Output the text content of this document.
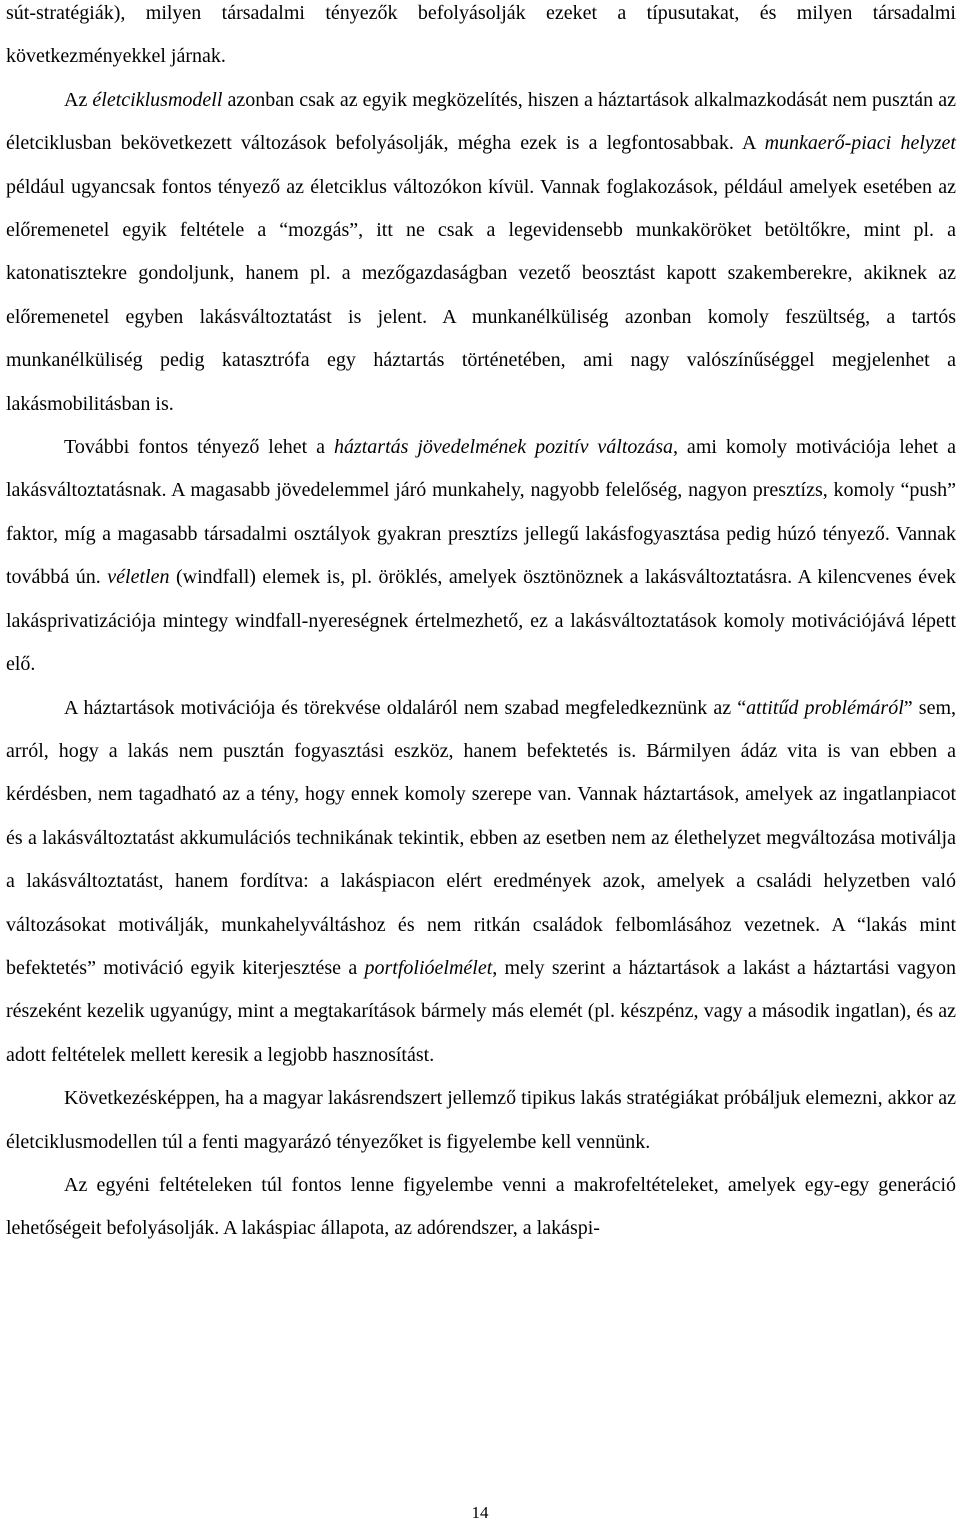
sút-stratégiák), milyen társadalmi tényezők befolyásolják ezeket a típusutakat, és milyen társadalmi következményekkel járnak.

Az életciklusmodell azonban csak az egyik megközelítés, hiszen a háztartások alkalmazkodását nem pusztán az életciklusban bekövetkezett változások befolyásolják, mégha ezek is a legfontosabbak. A munkaerő-piaci helyzet például ugyancsak fontos tényező az életciklus változókon kívül. Vannak foglakozások, például amelyek esetében az előremenetel egyik feltétele a “mozgás”, itt ne csak a legevidensebb munkaköröket betöltőkre, mint pl. a katonatisztekre gondoljunk, hanem pl. a mezőgazdaságban vezető beosztást kapott szakemberekre, akiknek az előremenetel egyben lakásváltoztatást is jelent. A munkanélküliség azonban komoly feszültség, a tartós munkanélküliség pedig katasztrófa egy háztartás történetében, ami nagy valószínűséggel megjelenhet a lakásmobilitásban is.

További fontos tényező lehet a háztartás jövedelmének pozitív változása, ami komoly motivációja lehet a lakásváltoztatásnak. A magasabb jövedelemmel járó munkahely, nagyobb felelőség, nagyon presztízs, komoly “push” faktor, míg a magasabb társadalmi osztályok gyakran presztízs jellegű lakásfogyasztása pedig húzó tényező. Vannak továbbá ún. véletlen (windfall) elemek is, pl. öröklés, amelyek ösztönöznek a lakásváltoztatásra. A kilencvenes évek lakásprivatizációja mintegy windfall-nyereségnek értelmezhető, ez a lakásváltoztatások komoly motivációjává lépett elő.

A háztartások motivációja és törekvése oldaláról nem szabad megfeledkeznünk az “attitűd problémáról” sem, arról, hogy a lakás nem pusztán fogyasztási eszköz, hanem befektetés is. Bármilyen ádáz vita is van ebben a kérdésben, nem tagadható az a tény, hogy ennek komoly szerepe van. Vannak háztartások, amelyek az ingatlanpiacot és a lakásváltoztatást akkumulációs technikának tekintik, ebben az esetben nem az élethelyzet megváltozása motiválja a lakásváltoztatást, hanem fordítva: a lakáspiacon elért eredmények azok, amelyek a családi helyzetben való változásokat motiválják, munkahelyváltáshoz és nem ritkán családok felbomlásához vezetnek. A “lakás mint befektetés” motiváció egyik kiterjesztése a portfolióelmélet, mely szerint a háztartások a lakást a háztartási vagyon részeként kezelik ugyanúgy, mint a megtakarítások bármely más elemét (pl. készpénz, vagy a második ingatlan), és az adott feltételek mellett keresik a legjobb hasznosítást.

Következésképpen, ha a magyar lakásrendszert jellemző tipikus lakás stratégiákat próbáljuk elemezni, akkor az életciklusmodellen túl a fenti magyarázó tényezőket is figyelembe kell vennünk.

Az egyéni feltételeken túl fontos lenne figyelembe venni a makrofeltételeket, amelyek egy-egy generáció lehetőségeit befolyásolják. A lakáspiac állapota, az adórendszer, a lakáspi-

14
